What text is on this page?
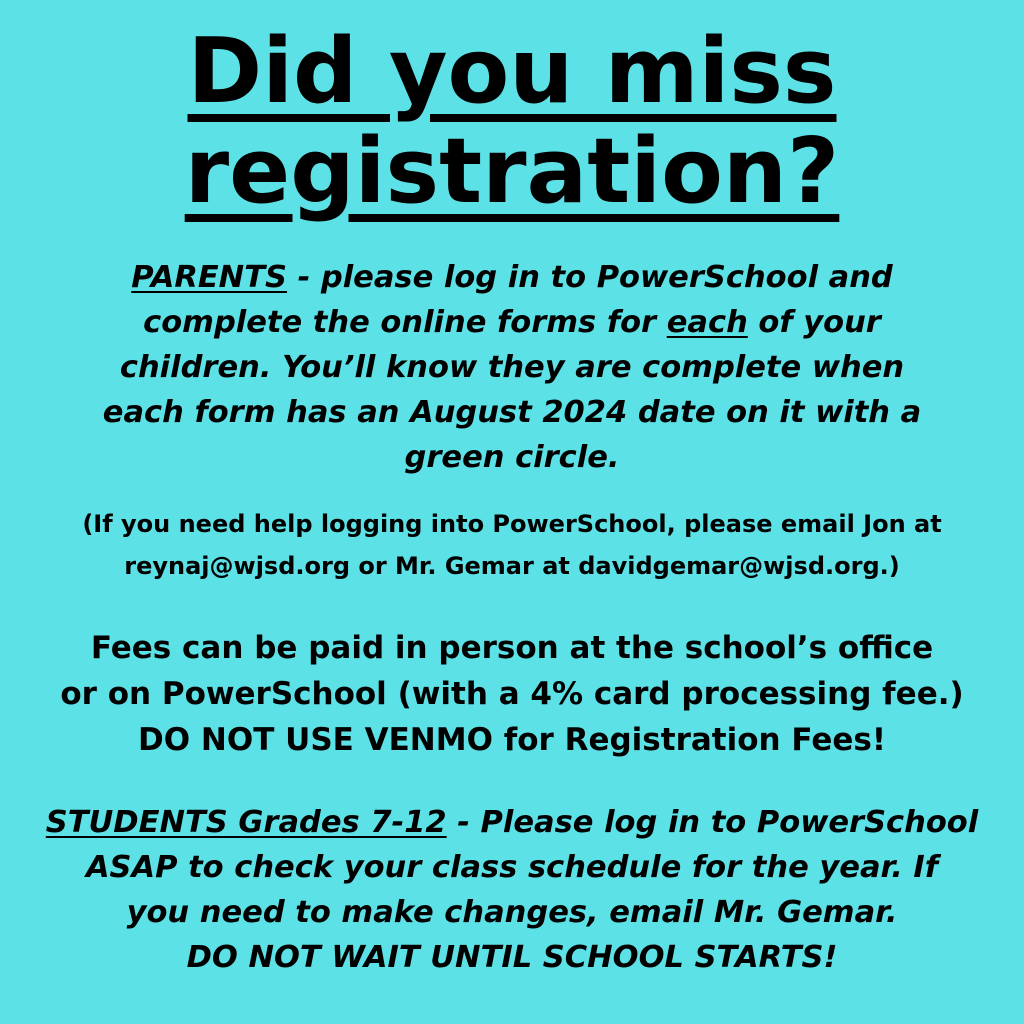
Did you miss
registration?
PARENTS - please log in to PowerSchool and
complete the online forms for each of your
children. You’ll know they are complete when
each form has an August 2024 date on it with a
green circle.
(If you need help logging into PowerSchool, please email Jon at
reynaj@wjsd.org or Mr. Gemar at davidgemar@wjsd.org.)
Fees can be paid in person at the school’s office
or on PowerSchool (with a 4% card processing fee.)
DO NOT USE VENMO for Registration Fees!
STUDENTS Grades 7-12 - Please log in to PowerSchool
ASAP to check your class schedule for the year. If
you need to make changes, email Mr. Gemar.
DO NOT WAIT UNTIL SCHOOL STARTS!
